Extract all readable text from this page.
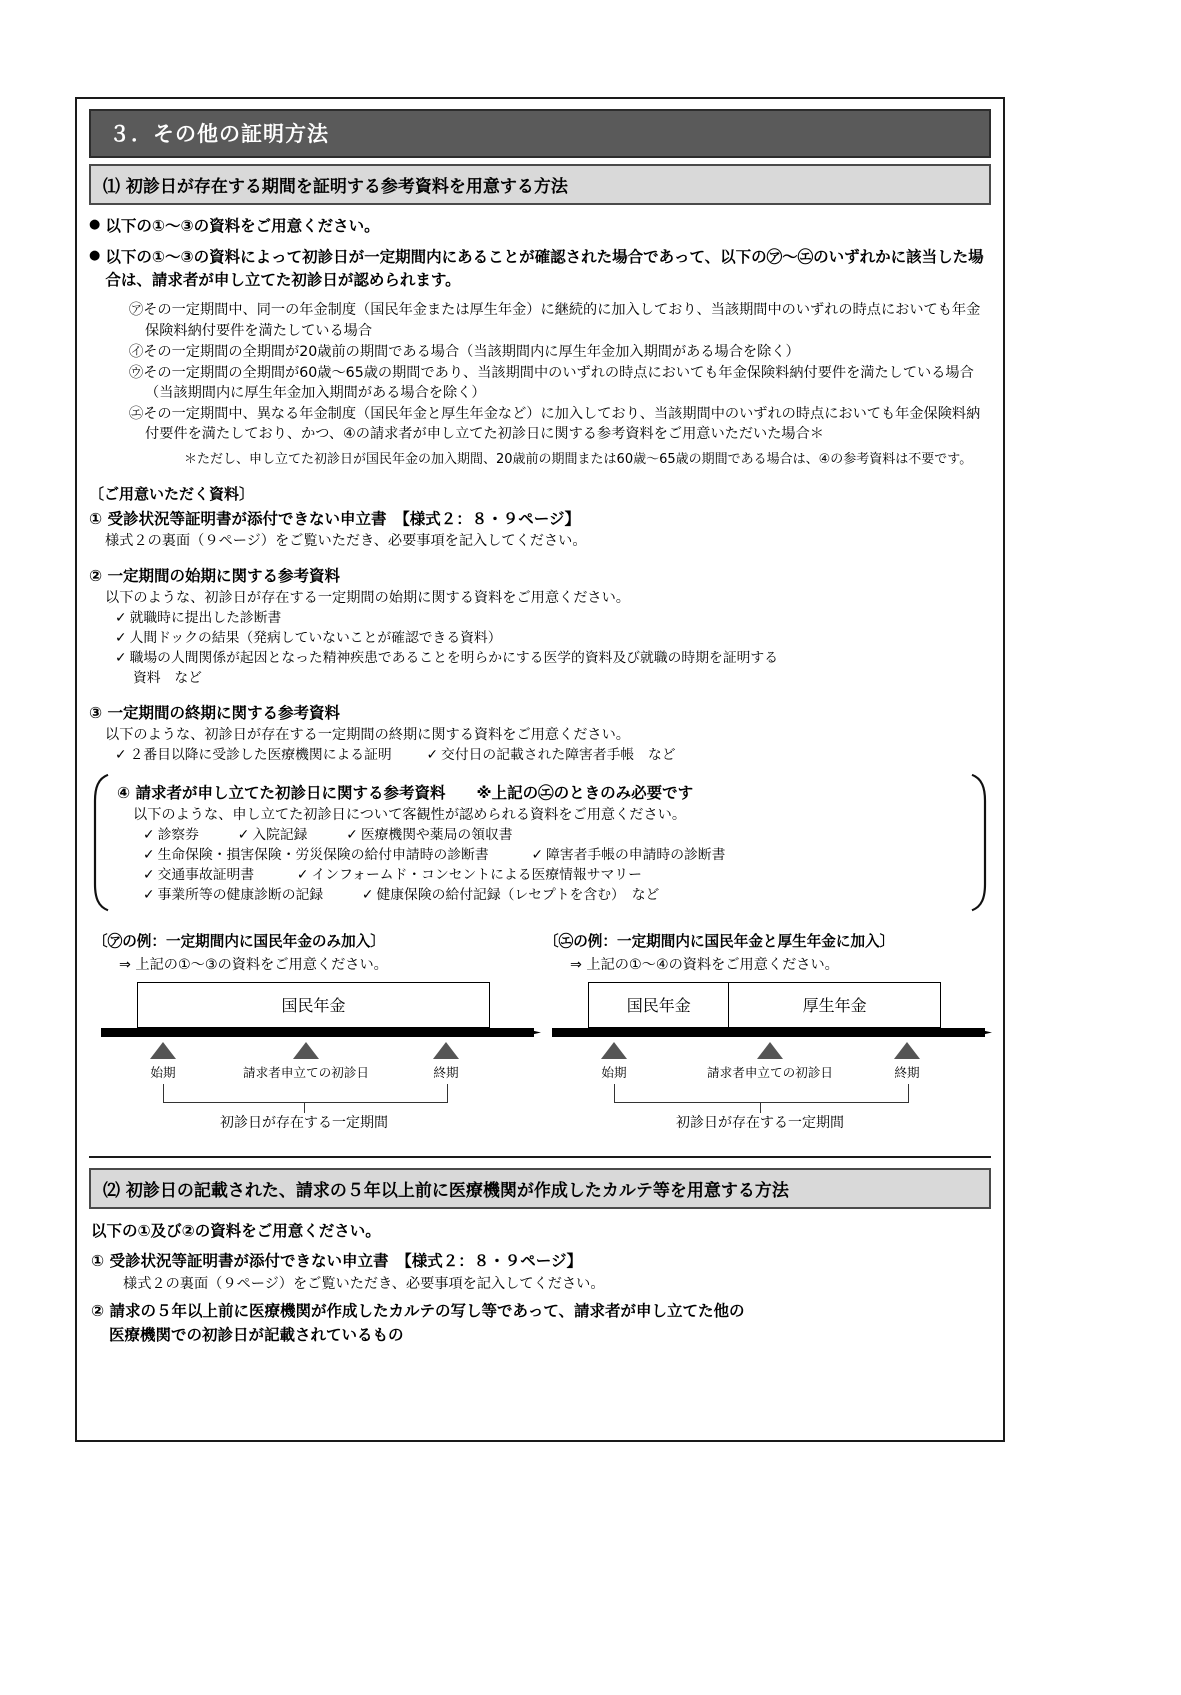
３．その他の証明方法
⑴ 初診日が存在する期間を証明する参考資料を用意する方法
● 以下の①～③の資料をご用意ください。
● 以下の①～③の資料によって初診日が一定期間内にあることが確認された場合であって、以下の㋐～㋓のいずれかに該当した場合は、請求者が申し立てた初診日が認められます。
㋐その一定期間中、同一の年金制度（国民年金または厚生年金）に継続的に加入しており、当該期間中のいずれの時点においても年金保険料納付要件を満たしている場合
㋑その一定期間の全期間が20歳前の期間である場合（当該期間内に厚生年金加入期間がある場合を除く）
㋒その一定期間の全期間が60歳～65歳の期間であり、当該期間中のいずれの時点においても年金保険料納付要件を満たしている場合（当該期間内に厚生年金加入期間がある場合を除く）
㋓その一定期間中、異なる年金制度（国民年金と厚生年金など）に加入しており、当該期間中のいずれの時点においても年金保険料納付要件を満たしており、かつ、④の請求者が申し立てた初診日に関する参考資料をご用意いただいた場合＊
＊ただし、申し立てた初診日が国民年金の加入期間、20歳前の期間または60歳～65歳の期間である場合は、④の参考資料は不要です。
〔ご用意いただく資料〕
① 受診状況等証明書が添付できない申立書　【様式２：８・９ページ】
様式２の裏面（９ページ）をご覧いただき、必要事項を記入してください。
② 一定期間の始期に関する参考資料
以下のような、初診日が存在する一定期間の始期に関する資料をご用意ください。
✓ 就職時に提出した診断書
✓ 人間ドックの結果（発病していないことが確認できる資料）
✓ 職場の人間関係が起因となった精神疾患であることを明らかにする医学的資料及び就職の時期を証明する
資料　など
③ 一定期間の終期に関する参考資料
以下のような、初診日が存在する一定期間の終期に関する資料をご用意ください。
✓ ２番目以降に受診した医療機関による証明	✓ 交付日の記載された障害者手帳　など
④ 請求者が申し立てた初診日に関する参考資料　　※上記の㋓のときのみ必要です
以下のような、申し立てた初診日について客観性が認められる資料をご用意ください。
✓ 診察券	✓ 入院記録	✓ 医療機関や薬局の領収書
✓ 生命保険・損害保険・労災保険の給付申請時の診断書	✓ 障害者手帳の申請時の診断書
✓ 交通事故証明書	✓ インフォームド・コンセントによる医療情報サマリー
✓ 事業所等の健康診断の記録	✓ 健康保険の給付記録（レセプトを含む）　など
〔㋐の例：一定期間内に国民年金のみ加入〕
⇒ 上記の①～③の資料をご用意ください。
国民年金
始期	請求者申立ての初診日	終期
初診日が存在する一定期間
〔㋓の例：一定期間内に国民年金と厚生年金に加入〕
⇒ 上記の①～④の資料をご用意ください。
国民年金	厚生年金
始期	請求者申立ての初診日	終期
初診日が存在する一定期間
⑵ 初診日の記載された、請求の５年以上前に医療機関が作成したカルテ等を用意する方法
以下の①及び②の資料をご用意ください。
① 受診状況等証明書が添付できない申立書　【様式２：８・９ページ】
様式２の裏面（９ページ）をご覧いただき、必要事項を記入してください。
② 請求の５年以上前に医療機関が作成したカルテの写し等であって、請求者が申し立てた他の
医療機関での初診日が記載されているもの
